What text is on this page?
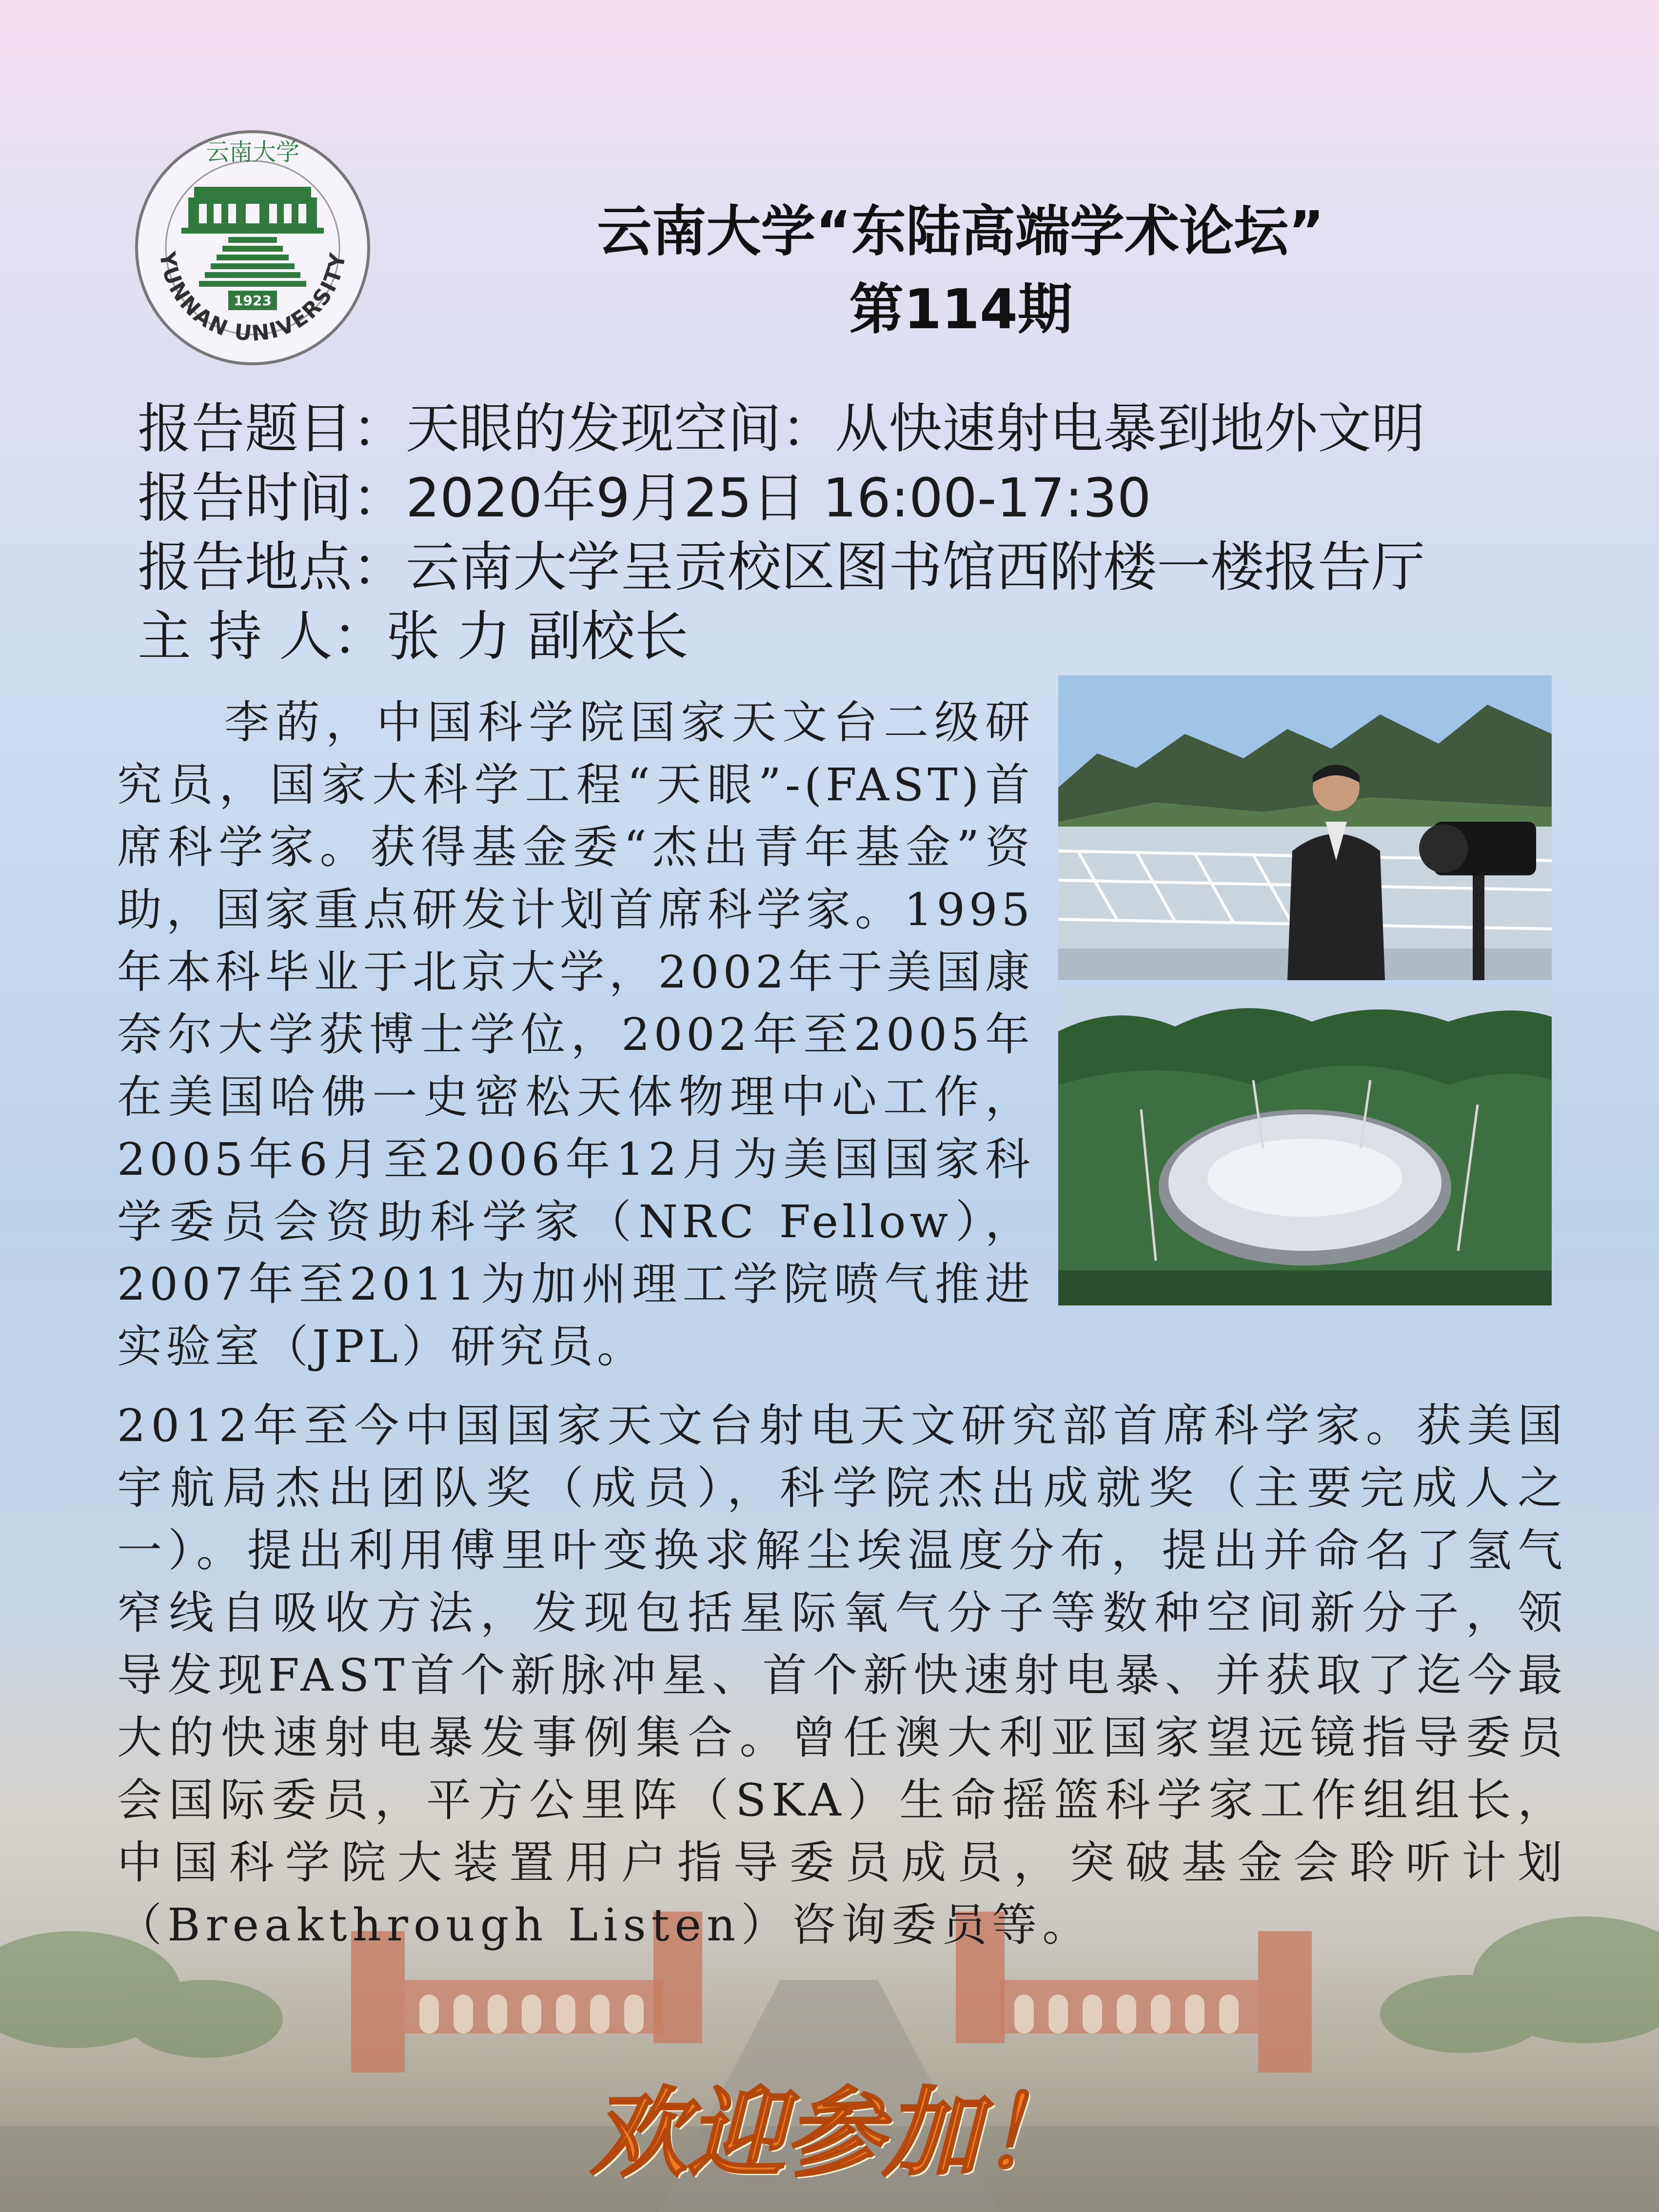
YUNNAN UNIVERSITY
云南大学
1923
云南大学“东陆高端学术论坛”
第114期
报告题目： 天眼的发现空间：从快速射电暴到地外文明
报告时间： 2020年9月25日 16:00-17:30
报告地点： 云南大学呈贡校区图书馆西附楼一楼报告厅
主 持 人： 张 力 副校长
李菂，中国科学院国家天文台二级研究员，国家大科学工程“天眼”-(FAST)首席科学家。获得基金委“杰出青年基金”资助，国家重点研发计划首席科学家。1995年本科毕业于北京大学，2002年于美国康奈尔大学获博士学位，2002年至2005年在美国哈佛一史密松天体物理中心工作，2005年6月至2006年12月为美国国家科学委员会资助科学家（NRC Fellow），2007年至2011为加州理工学院喷气推进实验室（JPL）研究员。
2012年至今中国国家天文台射电天文研究部首席科学家。获美国宇航局杰出团队奖（成员），科学院杰出成就奖（主要完成人之一）。提出利用傅里叶变换求解尘埃温度分布，提出并命名了氢气窄线自吸收方法，发现包括星际氧气分子等数种空间新分子，领导发现FAST首个新脉冲星、首个新快速射电暴、并获取了迄今最大的快速射电暴发事例集合。曾任澳大利亚国家望远镜指导委员会国际委员，平方公里阵（SKA）生命摇篮科学家工作组组长，中国科学院大装置用户指导委员成员，突破基金会聆听计划（Breakthrough Listen）咨询委员等。
欢迎参加！
